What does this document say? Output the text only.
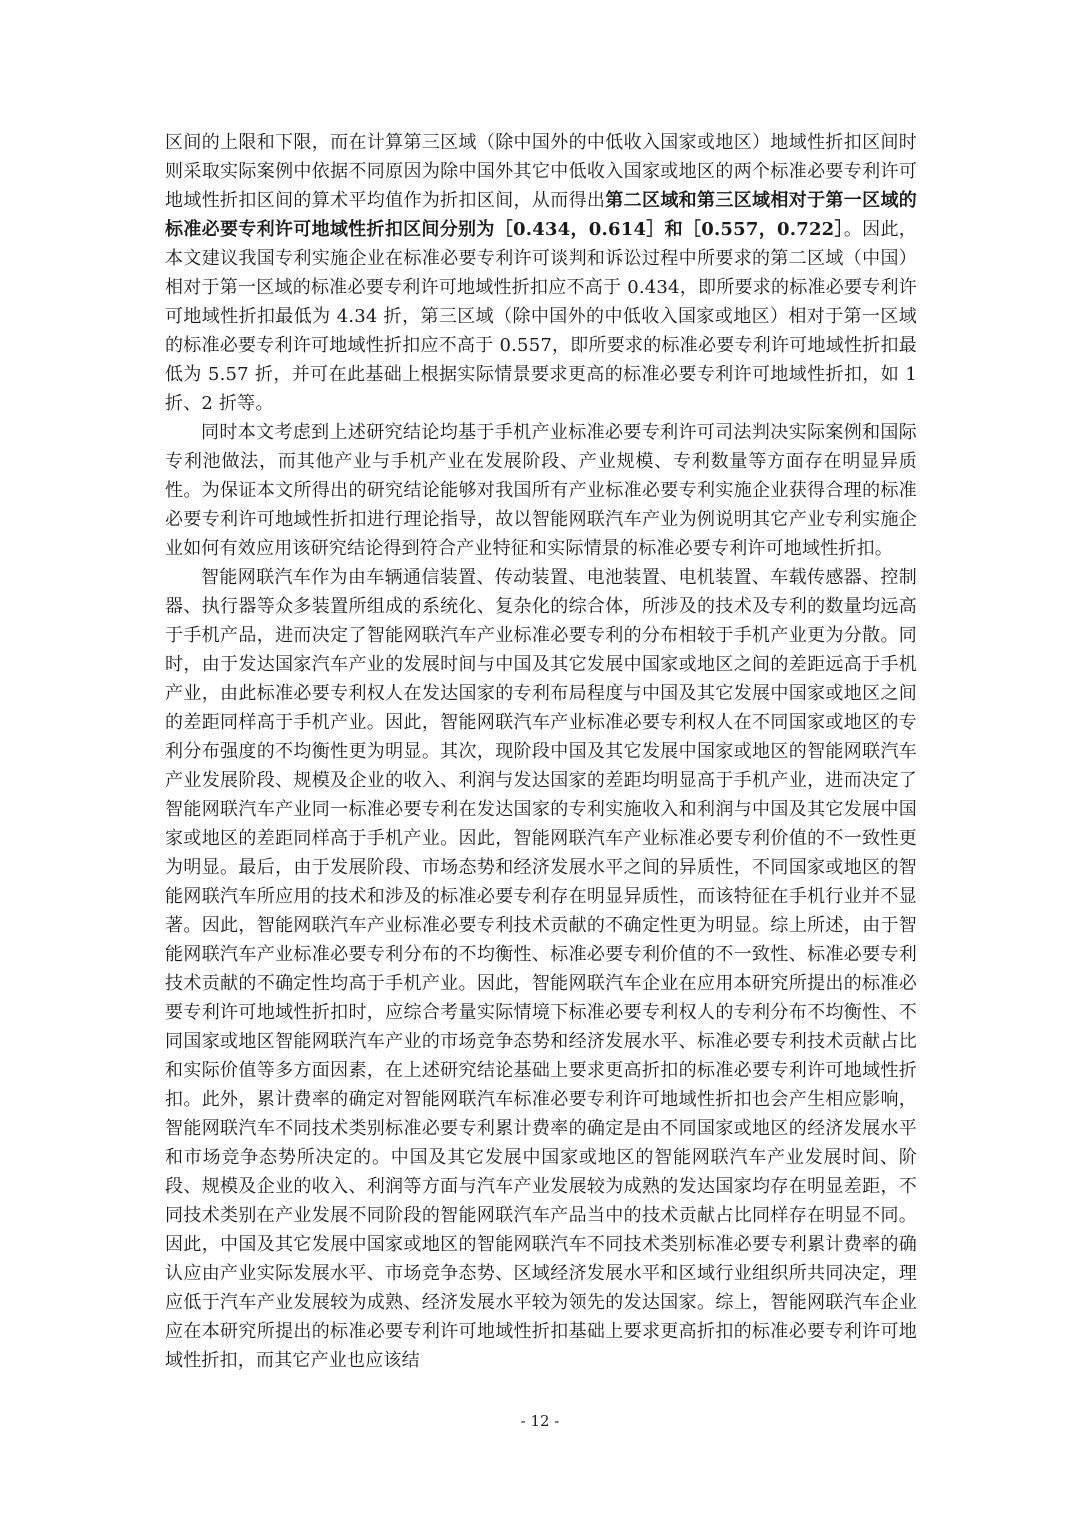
区间的上限和下限，而在计算第三区域（除中国外的中低收入国家或地区）地域性折扣区间时则采取实际案例中依据不同原因为除中国外其它中低收入国家或地区的两个标准必要专利许可地域性折扣区间的算术平均值作为折扣区间，从而得出第二区域和第三区域相对于第一区域的标准必要专利许可地域性折扣区间分别为［0.434，0.614］和［0.557，0.722］。因此，本文建议我国专利实施企业在标准必要专利许可谈判和诉讼过程中所要求的第二区域（中国）相对于第一区域的标准必要专利许可地域性折扣应不高于 0.434，即所要求的标准必要专利许可地域性折扣最低为 4.34 折，第三区域（除中国外的中低收入国家或地区）相对于第一区域的标准必要专利许可地域性折扣应不高于 0.557，即所要求的标准必要专利许可地域性折扣最低为 5.57 折，并可在此基础上根据实际情景要求更高的标准必要专利许可地域性折扣，如 1 折、2 折等。

同时本文考虑到上述研究结论均基于手机产业标准必要专利许可司法判决实际案例和国际专利池做法，而其他产业与手机产业在发展阶段、产业规模、专利数量等方面存在明显异质性。为保证本文所得出的研究结论能够对我国所有产业标准必要专利实施企业获得合理的标准必要专利许可地域性折扣进行理论指导，故以智能网联汽车产业为例说明其它产业专利实施企业如何有效应用该研究结论得到符合产业特征和实际情景的标准必要专利许可地域性折扣。

智能网联汽车作为由车辆通信装置、传动装置、电池装置、电机装置、车载传感器、控制器、执行器等众多装置所组成的系统化、复杂化的综合体，所涉及的技术及专利的数量均远高于手机产品，进而决定了智能网联汽车产业标准必要专利的分布相较于手机产业更为分散。同时，由于发达国家汽车产业的发展时间与中国及其它发展中国家或地区之间的差距远高于手机产业，由此标准必要专利权人在发达国家的专利布局程度与中国及其它发展中国家或地区之间的差距同样高于手机产业。因此，智能网联汽车产业标准必要专利权人在不同国家或地区的专利分布强度的不均衡性更为明显。其次，现阶段中国及其它发展中国家或地区的智能网联汽车产业发展阶段、规模及企业的收入、利润与发达国家的差距均明显高于手机产业，进而决定了智能网联汽车产业同一标准必要专利在发达国家的专利实施收入和利润与中国及其它发展中国家或地区的差距同样高于手机产业。因此，智能网联汽车产业标准必要专利价值的不一致性更为明显。最后，由于发展阶段、市场态势和经济发展水平之间的异质性，不同国家或地区的智能网联汽车所应用的技术和涉及的标准必要专利存在明显异质性，而该特征在手机行业并不显著。因此，智能网联汽车产业标准必要专利技术贡献的不确定性更为明显。综上所述，由于智能网联汽车产业标准必要专利分布的不均衡性、标准必要专利价值的不一致性、标准必要专利技术贡献的不确定性均高于手机产业。因此，智能网联汽车企业在应用本研究所提出的标准必要专利许可地域性折扣时，应综合考量实际情境下标准必要专利权人的专利分布不均衡性、不同国家或地区智能网联汽车产业的市场竞争态势和经济发展水平、标准必要专利技术贡献占比和实际价值等多方面因素，在上述研究结论基础上要求更高折扣的标准必要专利许可地域性折扣。此外，累计费率的确定对智能网联汽车标准必要专利许可地域性折扣也会产生相应影响，智能网联汽车不同技术类别标准必要专利累计费率的确定是由不同国家或地区的经济发展水平和市场竞争态势所决定的。中国及其它发展中国家或地区的智能网联汽车产业发展时间、阶段、规模及企业的收入、利润等方面与汽车产业发展较为成熟的发达国家均存在明显差距，不同技术类别在产业发展不同阶段的智能网联汽车产品当中的技术贡献占比同样存在明显不同。因此，中国及其它发展中国家或地区的智能网联汽车不同技术类别标准必要专利累计费率的确认应由产业实际发展水平、市场竞争态势、区域经济发展水平和区域行业组织所共同决定，理应低于汽车产业发展较为成熟、经济发展水平较为领先的发达国家。综上，智能网联汽车企业应在本研究所提出的标准必要专利许可地域性折扣基础上要求更高折扣的标准必要专利许可地域性折扣，而其它产业也应该结

- 12 -
